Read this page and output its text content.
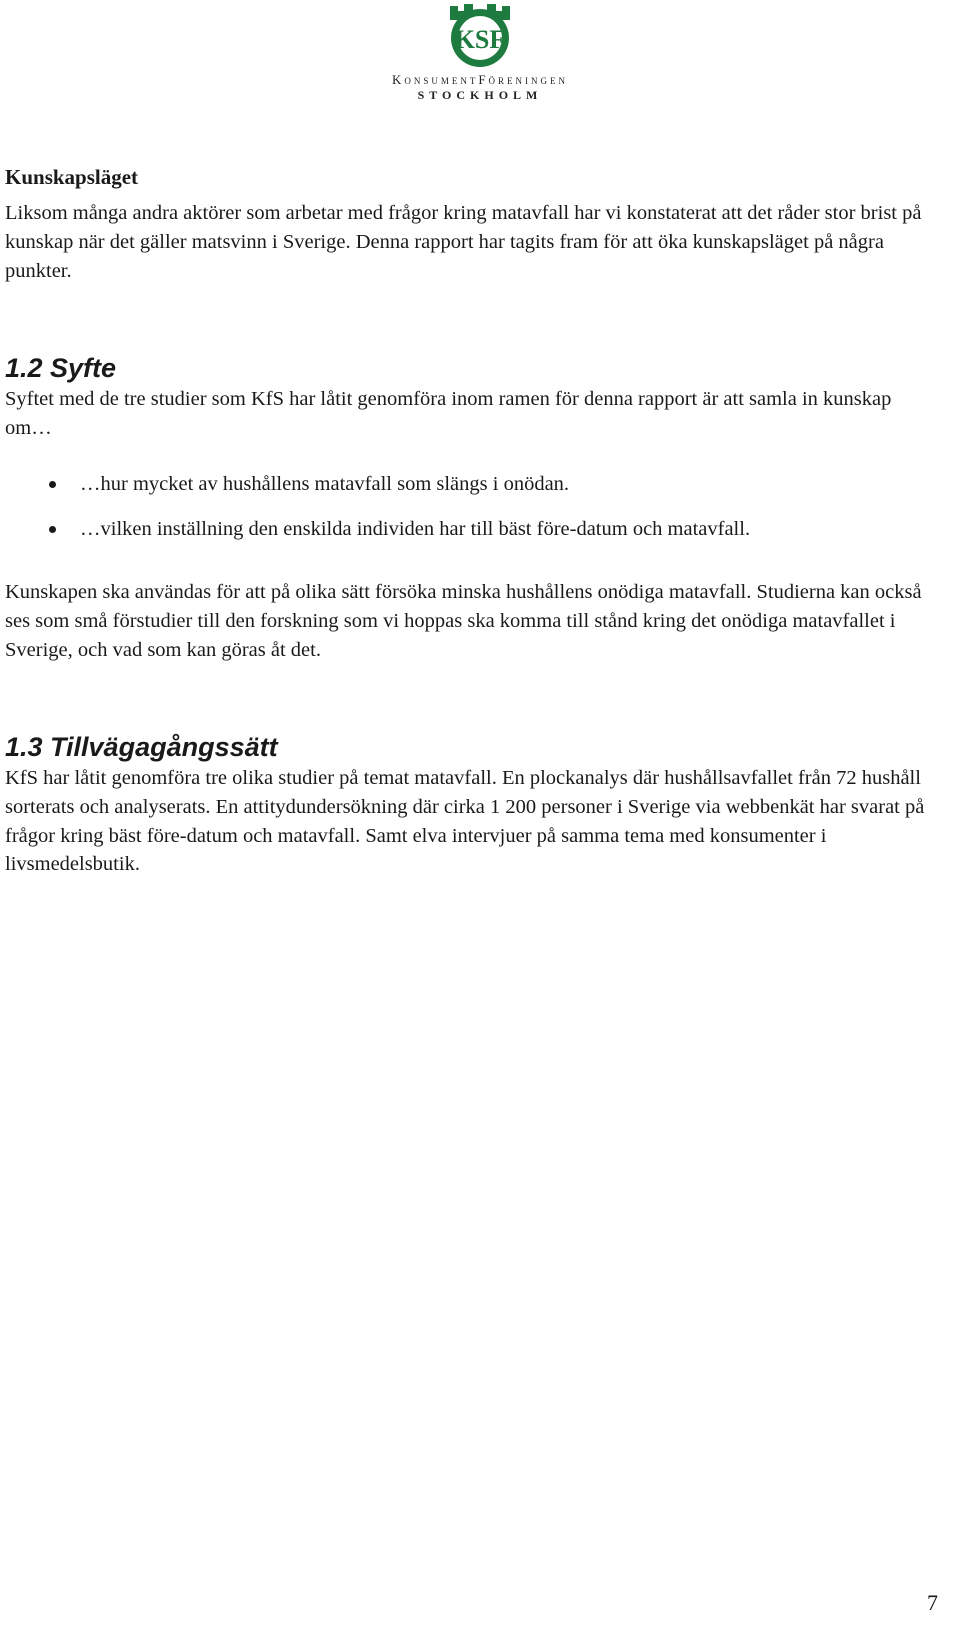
KSF
KonsumentFöreningen
STOCKHOLM
Kunskapsläget

Liksom många andra aktörer som arbetar med frågor kring matavfall har vi konstaterat att det råder stor brist på kunskap när det gäller matsvinn i Sverige. Denna rapport har tagits fram för att öka kunskapsläget på några punkter.

1.2 Syfte

Syftet med de tre studier som KfS har låtit genomföra inom ramen för denna rapport är att samla in kunskap om…

…hur mycket av hushållens matavfall som slängs i onödan.
…vilken inställning den enskilda individen har till bäst före-datum och matavfall.

Kunskapen ska användas för att på olika sätt försöka minska hushållens onödiga matavfall. Studierna kan också ses som små förstudier till den forskning som vi hoppas ska komma till stånd kring det onödiga matavfallet i Sverige, och vad som kan göras åt det.

1.3 Tillvägagångssätt

KfS har låtit genomföra tre olika studier på temat matavfall. En plockanalys där hushållsavfallet från 72 hushåll sorterats och analyserats. En attitydundersökning där cirka 1 200 personer i Sverige via webbenkät har svarat på frågor kring bäst före-datum och matavfall. Samt elva intervjuer på samma tema med konsumenter i livsmedelsbutik.

7
